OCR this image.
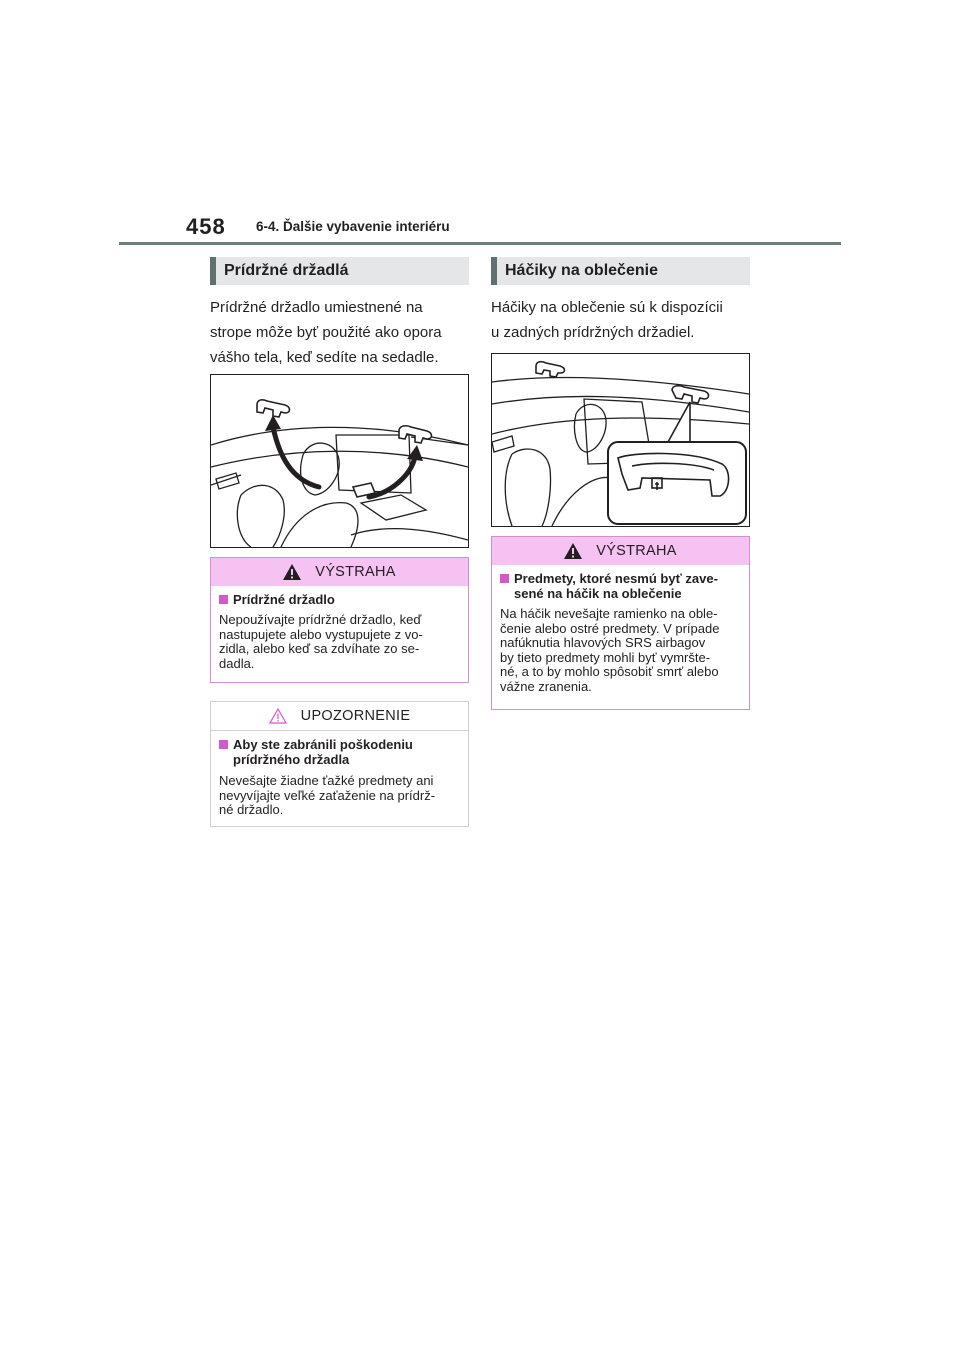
458 6-4. Ďalšie vybavenie interiéru
Prídržné držadlá
Prídržné držadlo umiestnené na
strope môže byť použité ako opora
vášho tela, keď sedíte na sedadle.
VÝSTRAHA
Prídržné držadlo
Nepoužívajte prídržné držadlo, keď
nastupujete alebo vystupujete z vo-
zidla, alebo keď sa zdvíhate zo se-
dadla.
UPOZORNENIE
Aby ste zabránili poškodeniu
prídržného držadla
Nevešajte žiadne ťažké predmety ani
nevyvíjajte veľké zaťaženie na prídrž-
né držadlo.
Háčiky na oblečenie
Háčiky na oblečenie sú k dispozícii
u zadných prídržných držadiel.
VÝSTRAHA
Predmety, ktoré nesmú byť zave-
sené na háčik na oblečenie
Na háčik nevešajte ramienko na oble-
čenie alebo ostré predmety. V prípade
nafúknutia hlavových SRS airbagov
by tieto predmety mohli byť vymršte-
né, a to by mohlo spôsobiť smrť alebo
vážne zranenia.
